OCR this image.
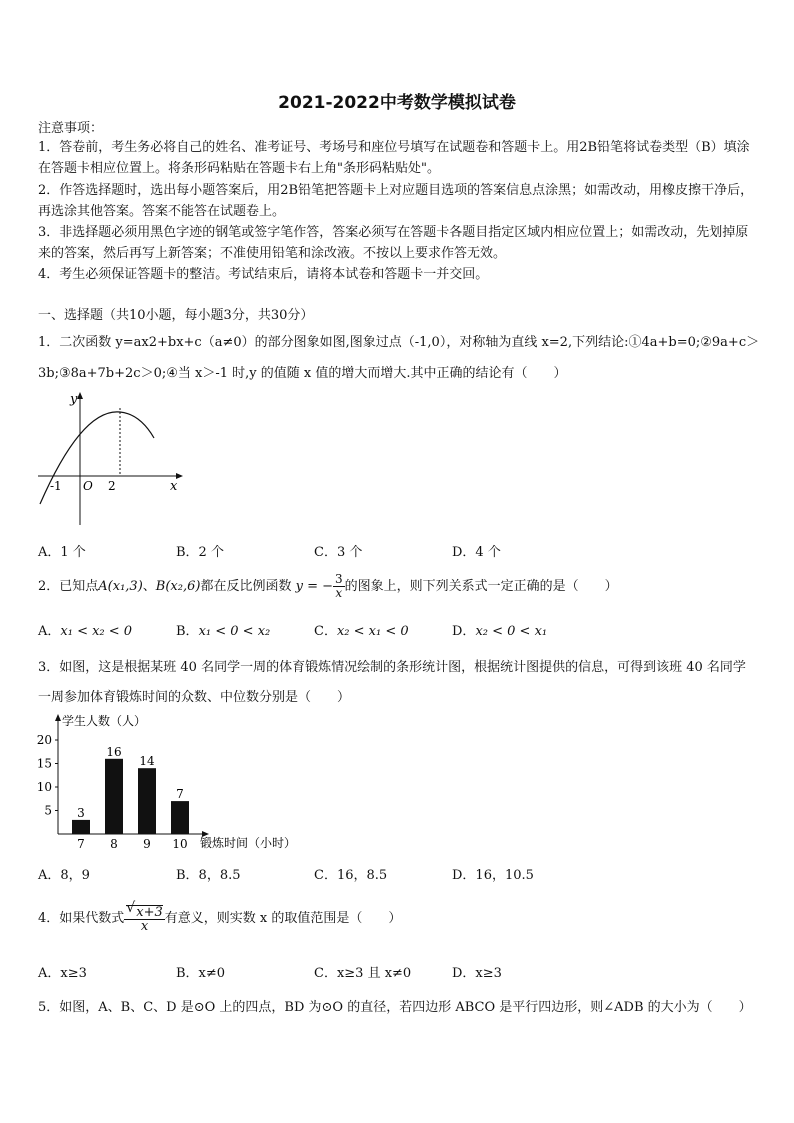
2021-2022中考数学模拟试卷
注意事项：
1．答卷前，考生务必将自己的姓名、准考证号、考场号和座位号填写在试题卷和答题卡上。用2B铅笔将试卷类型（B）填涂在答题卡相应位置上。将条形码粘贴在答题卡右上角"条形码粘贴处"。
2．作答选择题时，选出每小题答案后，用2B铅笔把答题卡上对应题目选项的答案信息点涂黑；如需改动，用橡皮擦干净后，再选涂其他答案。答案不能答在试题卷上。
3．非选择题必须用黑色字迹的钢笔或签字笔作答，答案必须写在答题卡各题目指定区域内相应位置上；如需改动，先划掉原来的答案，然后再写上新答案；不准使用铅笔和涂改液。不按以上要求作答无效。
4．考生必须保证答题卡的整洁。考试结束后，请将本试卷和答题卡一并交回。
一、选择题（共10小题，每小题3分，共30分）
1．二次函数 y=ax2+bx+c（a≠0）的部分图象如图,图象过点（-1,0），对称轴为直线 x=2,下列结论:①4a+b=0;②9a+c＞
3b;③8a+7b+2c＞0;④当 x＞-1 时,y 的值随 x 值的增大而增大.其中正确的结论有（　　）
y
x
-1 O 2
A．1 个	B．2 个	C．3 个	D．4 个
2．已知点A(x₁,3)、B(x₂,6)都在反比例函数 y = − $\frac{3}{x}$ 的图象上，则下列关系式一定正确的是（　　）
A．x₁ < x₂ < 0	B．x₁ < 0 < x₂	C．x₂ < x₁ < 0	D．x₂ < 0 < x₁
3．如图，这是根据某班 40 名同学一周的体育锻炼情况绘制的条形统计图，根据统计图提供的信息，可得到该班 40 名同学一周参加体育锻炼时间的众数、中位数分别是（　　）
学生人数（人）
锻炼时间（小时）
5
10
15
20
3
7
16
8
14
9
7
10
A．8，9	B．8，8.5	C．16，8.5	D．16，10.5
4．如果代数式
√ $\frac{x+3}{x}$ 有意义，则实数 x 的取值范围是（　　）
A．x≥3	B．x≠0	C．x≥3 且 x≠0	D．x≥3
5．如图，A、B、C、D 是⊙O 上的四点，BD 为⊙O 的直径，若四边形 ABCO 是平行四边形，则∠ADB 的大小为（　　）
